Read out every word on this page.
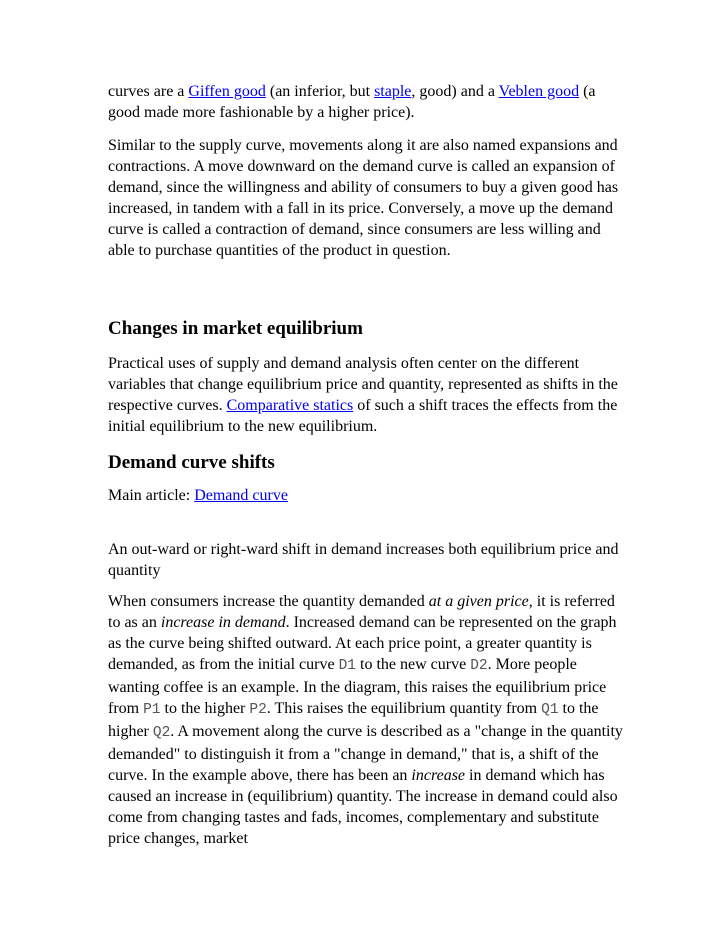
curves are a Giffen good (an inferior, but staple, good) and a Veblen good (a good made more fashionable by a higher price).

Similar to the supply curve, movements along it are also named expansions and contractions. A move downward on the demand curve is called an expansion of demand, since the willingness and ability of consumers to buy a given good has increased, in tandem with a fall in its price. Conversely, a move up the demand curve is called a contraction of demand, since consumers are less willing and able to purchase quantities of the product in question.

Changes in market equilibrium

Practical uses of supply and demand analysis often center on the different variables that change equilibrium price and quantity, represented as shifts in the respective curves. Comparative statics of such a shift traces the effects from the initial equilibrium to the new equilibrium.

Demand curve shifts

Main article: Demand curve

An out-ward or right-ward shift in demand increases both equilibrium price and quantity

When consumers increase the quantity demanded at a given price, it is referred to as an increase in demand. Increased demand can be represented on the graph as the curve being shifted outward. At each price point, a greater quantity is demanded, as from the initial curve D1 to the new curve D2. More people wanting coffee is an example. In the diagram, this raises the equilibrium price from P1 to the higher P2. This raises the equilibrium quantity from Q1 to the higher Q2. A movement along the curve is described as a "change in the quantity demanded" to distinguish it from a "change in demand," that is, a shift of the curve. In the example above, there has been an increase in demand which has caused an increase in (equilibrium) quantity. The increase in demand could also come from changing tastes and fads, incomes, complementary and substitute price changes, market
